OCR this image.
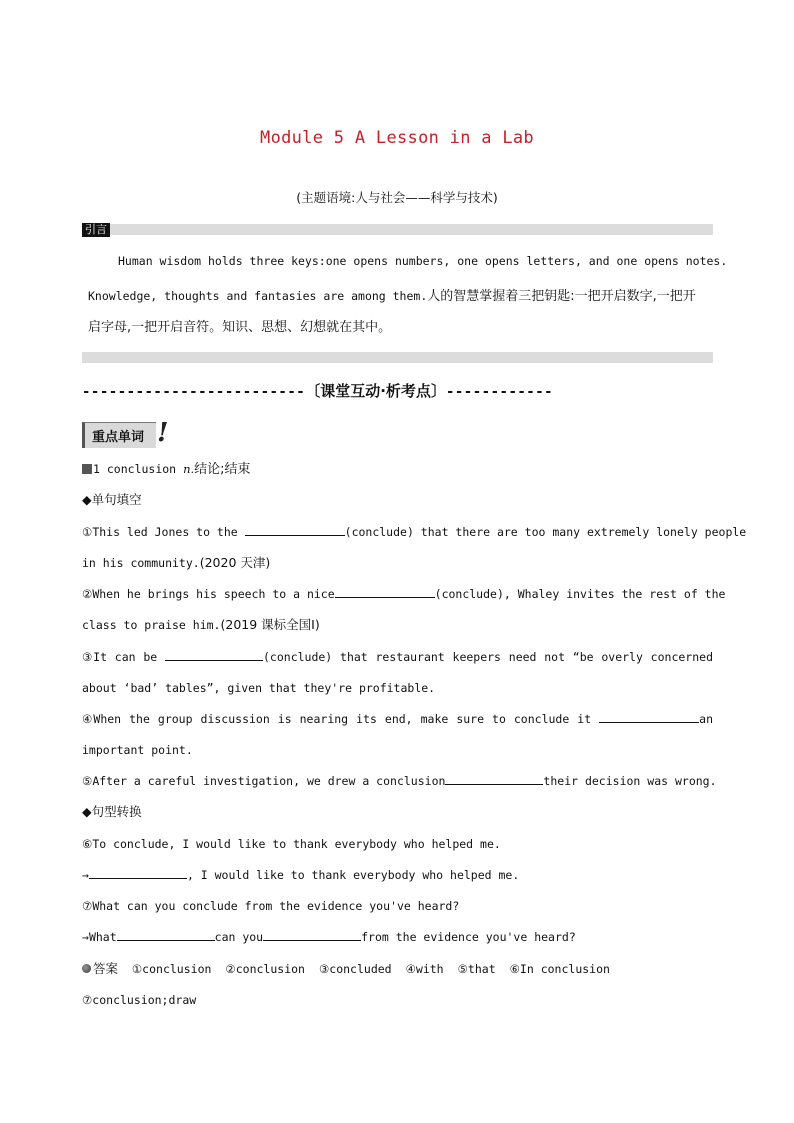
Module 5 A Lesson in a Lab
(主题语境:人与社会——科学与技术)
引言
Human wisdom holds three keys:one opens numbers, one opens letters, and one opens notes.
Knowledge, thoughts and fantasies are among them.人的智慧掌握着三把钥匙:一把开启数字,一把开
启字母,一把开启音符。知识、思想、幻想就在其中。
-------------------------〔课堂互动·析考点〕------------
重点单词 !
1 conclusion n.结论;结束
◆单句填空
①This led Jones to the	(conclude) that there are too many extremely lonely people
in his community.(2020 天津)
②When he brings his speech to a nice	(conclude), Whaley invites the rest of the
class to praise him.(2019 课标全国Ⅰ)
③It can be	(conclude) that restaurant keepers need not “be overly concerned
about ‘bad’ tables”, given that they're profitable.
④When the group discussion is nearing its end, make sure to conclude it	an
important point.
⑤After a careful investigation, we drew a conclusion	their decision was wrong.
◆句型转换
⑥To conclude, I would like to thank everybody who helped me.
→	, I would like to thank everybody who helped me.
⑦What can you conclude from the evidence you've heard?
→What	can you	from the evidence you've heard?
答案 ①conclusion ②conclusion ③concluded ④with ⑤that ⑥In conclusion
⑦conclusion;draw
